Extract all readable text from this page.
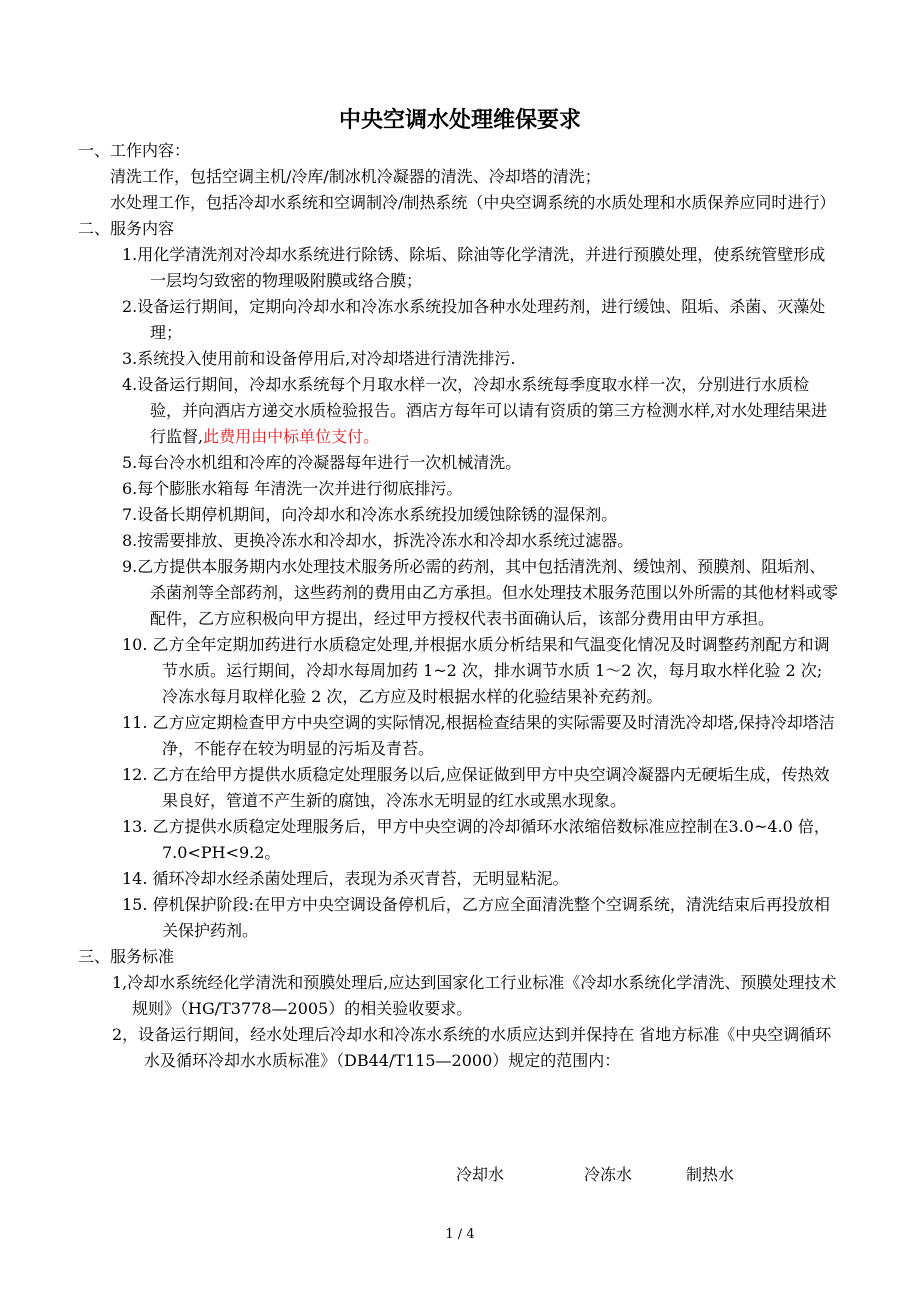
中央空调水处理维保要求

一、工作内容：

清洗工作，包括空调主机/冷库/制冰机冷凝器的清洗、冷却塔的清洗；

水处理工作，包括冷却水系统和空调制冷/制热系统（中央空调系统的水质处理和水质保养应同时进行）

二、服务内容

1.用化学清洗剂对冷却水系统进行除锈、除垢、除油等化学清洗，并进行预膜处理，使系统管壁形成一层均匀致密的物理吸附膜或络合膜；
2.设备运行期间，定期向冷却水和冷冻水系统投加各种水处理药剂，进行缓蚀、阻垢、杀菌、灭藻处理；
3.系统投入使用前和设备停用后,对冷却塔进行清洗排污.
4.设备运行期间，冷却水系统每个月取水样一次，冷却水系统每季度取水样一次，分别进行水质检验，并向酒店方递交水质检验报告。酒店方每年可以请有资质的第三方检测水样,对水处理结果进行监督,此费用由中标单位支付。
5.每台冷水机组和冷库的冷凝器每年进行一次机械清洗。
6.每个膨胀水箱每 年清洗一次并进行彻底排污。
7.设备长期停机期间，向冷却水和冷冻水系统投加缓蚀除锈的湿保剂。
8.按需要排放、更换冷冻水和冷却水，拆洗冷冻水和冷却水系统过滤器。
9.乙方提供本服务期内水处理技术服务所必需的药剂，其中包括清洗剂、缓蚀剂、预膜剂、阻垢剂、杀菌剂等全部药剂，这些药剂的费用由乙方承担。但水处理技术服务范围以外所需的其他材料或零配件，乙方应积极向甲方提出，经过甲方授权代表书面确认后，该部分费用由甲方承担。
10. 乙方全年定期加药进行水质稳定处理,并根据水质分析结果和气温变化情况及时调整药剂配方和调节水质。运行期间，冷却水每周加药 1~2 次，排水调节水质 1～2 次，每月取水样化验 2 次;冷冻水每月取样化验 2 次，乙方应及时根据水样的化验结果补充药剂。
11. 乙方应定期检查甲方中央空调的实际情况,根据检查结果的实际需要及时清洗冷却塔,保持冷却塔洁净，不能存在较为明显的污垢及青苔。
12. 乙方在给甲方提供水质稳定处理服务以后,应保证做到甲方中央空调冷凝器内无硬垢生成，传热效果良好，管道不产生新的腐蚀，冷冻水无明显的红水或黑水现象。
13. 乙方提供水质稳定处理服务后，甲方中央空调的冷却循环水浓缩倍数标准应控制在3.0~4.0 倍，7.0<PH<9.2。
14. 循环冷却水经杀菌处理后，表现为杀灭青苔，无明显粘泥。
15. 停机保护阶段:在甲方中央空调设备停机后，乙方应全面清洗整个空调系统，清洗结束后再投放相关保护药剂。

三、服务标准

1,冷却水系统经化学清洗和预膜处理后,应达到国家化工行业标准《冷却水系统化学清洗、预膜处理技术规则》（HG/T3778—2005）的相关验收要求。

2，设备运行期间，经水处理后冷却水和冷冻水系统的水质应达到并保持在 省地方标准《中央空调循环水及循环冷却水水质标准》（DB44/T115—2000）规定的范围内：

冷却水	冷冻水	制热水
1 / 4
